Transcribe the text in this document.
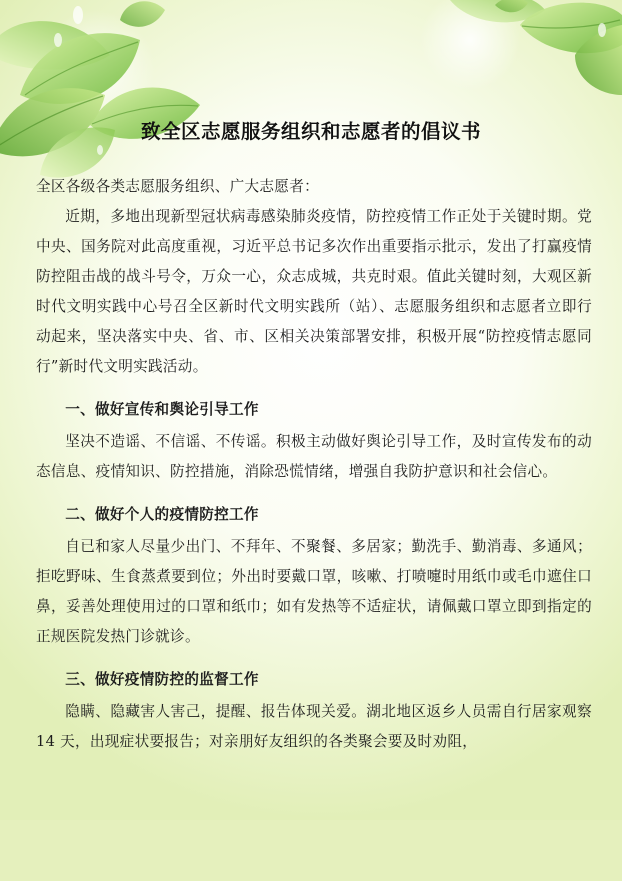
致全区志愿服务组织和志愿者的倡议书

全区各级各类志愿服务组织、广大志愿者：

近期，多地出现新型冠状病毒感染肺炎疫情，防控疫情工作正处于关键时期。党中央、国务院对此高度重视，习近平总书记多次作出重要指示批示，发出了打赢疫情防控阻击战的战斗号令，万众一心，众志成城，共克时艰。值此关键时刻，大观区新时代文明实践中心号召全区新时代文明实践所（站）、志愿服务组织和志愿者立即行动起来，坚决落实中央、省、市、区相关决策部署安排，积极开展“防控疫情志愿同行”新时代文明实践活动。

一、做好宣传和舆论引导工作

坚决不造谣、不信谣、不传谣。积极主动做好舆论引导工作，及时宣传发布的动态信息、疫情知识、防控措施，消除恐慌情绪，增强自我防护意识和社会信心。

二、做好个人的疫情防控工作

自已和家人尽量少出门、不拜年、不聚餐、多居家；勤洗手、勤消毒、多通风；拒吃野味、生食蒸煮要到位；外出时要戴口罩，咳嗽、打喷嚏时用纸巾或毛巾遮住口鼻，妥善处理使用过的口罩和纸巾；如有发热等不适症状，请佩戴口罩立即到指定的正规医院发热门诊就诊。

三、做好疫情防控的监督工作

隐瞒、隐藏害人害己，提醒、报告体现关爱。湖北地区返乡人员需自行居家观察 14 天，出现症状要报告；对亲朋好友组织的各类聚会要及时劝阻，
